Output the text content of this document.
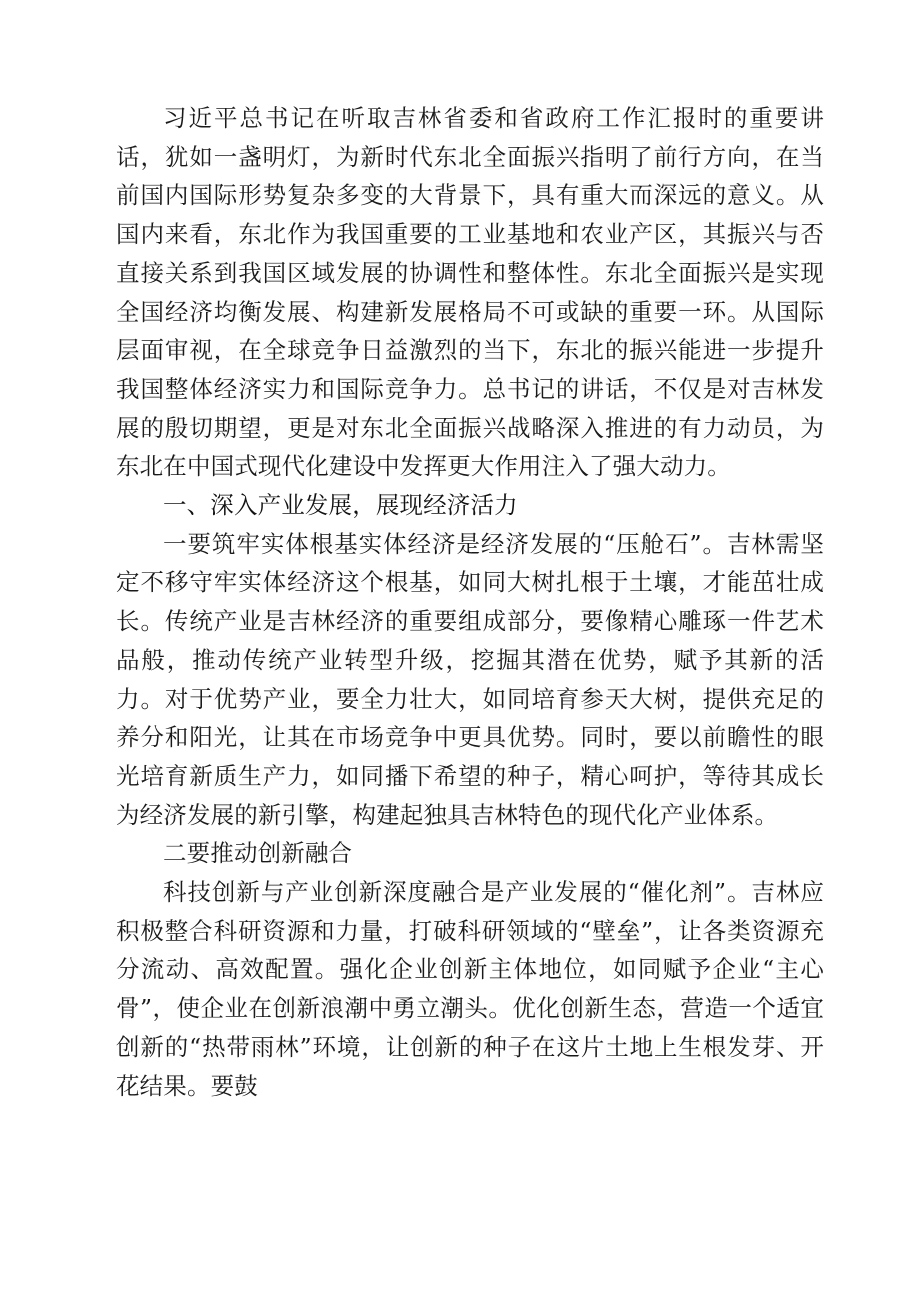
习近平总书记在听取吉林省委和省政府工作汇报时的重要讲话，犹如一盏明灯，为新时代东北全面振兴指明了前行方向，在当前国内国际形势复杂多变的大背景下，具有重大而深远的意义。从国内来看，东北作为我国重要的工业基地和农业产区，其振兴与否直接关系到我国区域发展的协调性和整体性。东北全面振兴是实现全国经济均衡发展、构建新发展格局不可或缺的重要一环。从国际层面审视，在全球竞争日益激烈的当下，东北的振兴能进一步提升我国整体经济实力和国际竞争力。总书记的讲话，不仅是对吉林发展的殷切期望，更是对东北全面振兴战略深入推进的有力动员，为东北在中国式现代化建设中发挥更大作用注入了强大动力。

一、深入产业发展，展现经济活力

一要筑牢实体根基实体经济是经济发展的“压舱石”。吉林需坚定不移守牢实体经济这个根基，如同大树扎根于土壤，才能茁壮成长。传统产业是吉林经济的重要组成部分，要像精心雕琢一件艺术品般，推动传统产业转型升级，挖掘其潜在优势，赋予其新的活力。对于优势产业，要全力壮大，如同培育参天大树，提供充足的养分和阳光，让其在市场竞争中更具优势。同时，要以前瞻性的眼光培育新质生产力，如同播下希望的种子，精心呵护，等待其成长为经济发展的新引擎，构建起独具吉林特色的现代化产业体系。

二要推动创新融合

科技创新与产业创新深度融合是产业发展的“催化剂”。吉林应积极整合科研资源和力量，打破科研领域的“壁垒”，让各类资源充分流动、高效配置。强化企业创新主体地位，如同赋予企业“主心骨”，使企业在创新浪潮中勇立潮头。优化创新生态，营造一个适宜创新的“热带雨林”环境，让创新的种子在这片土地上生根发芽、开花结果。要鼓
